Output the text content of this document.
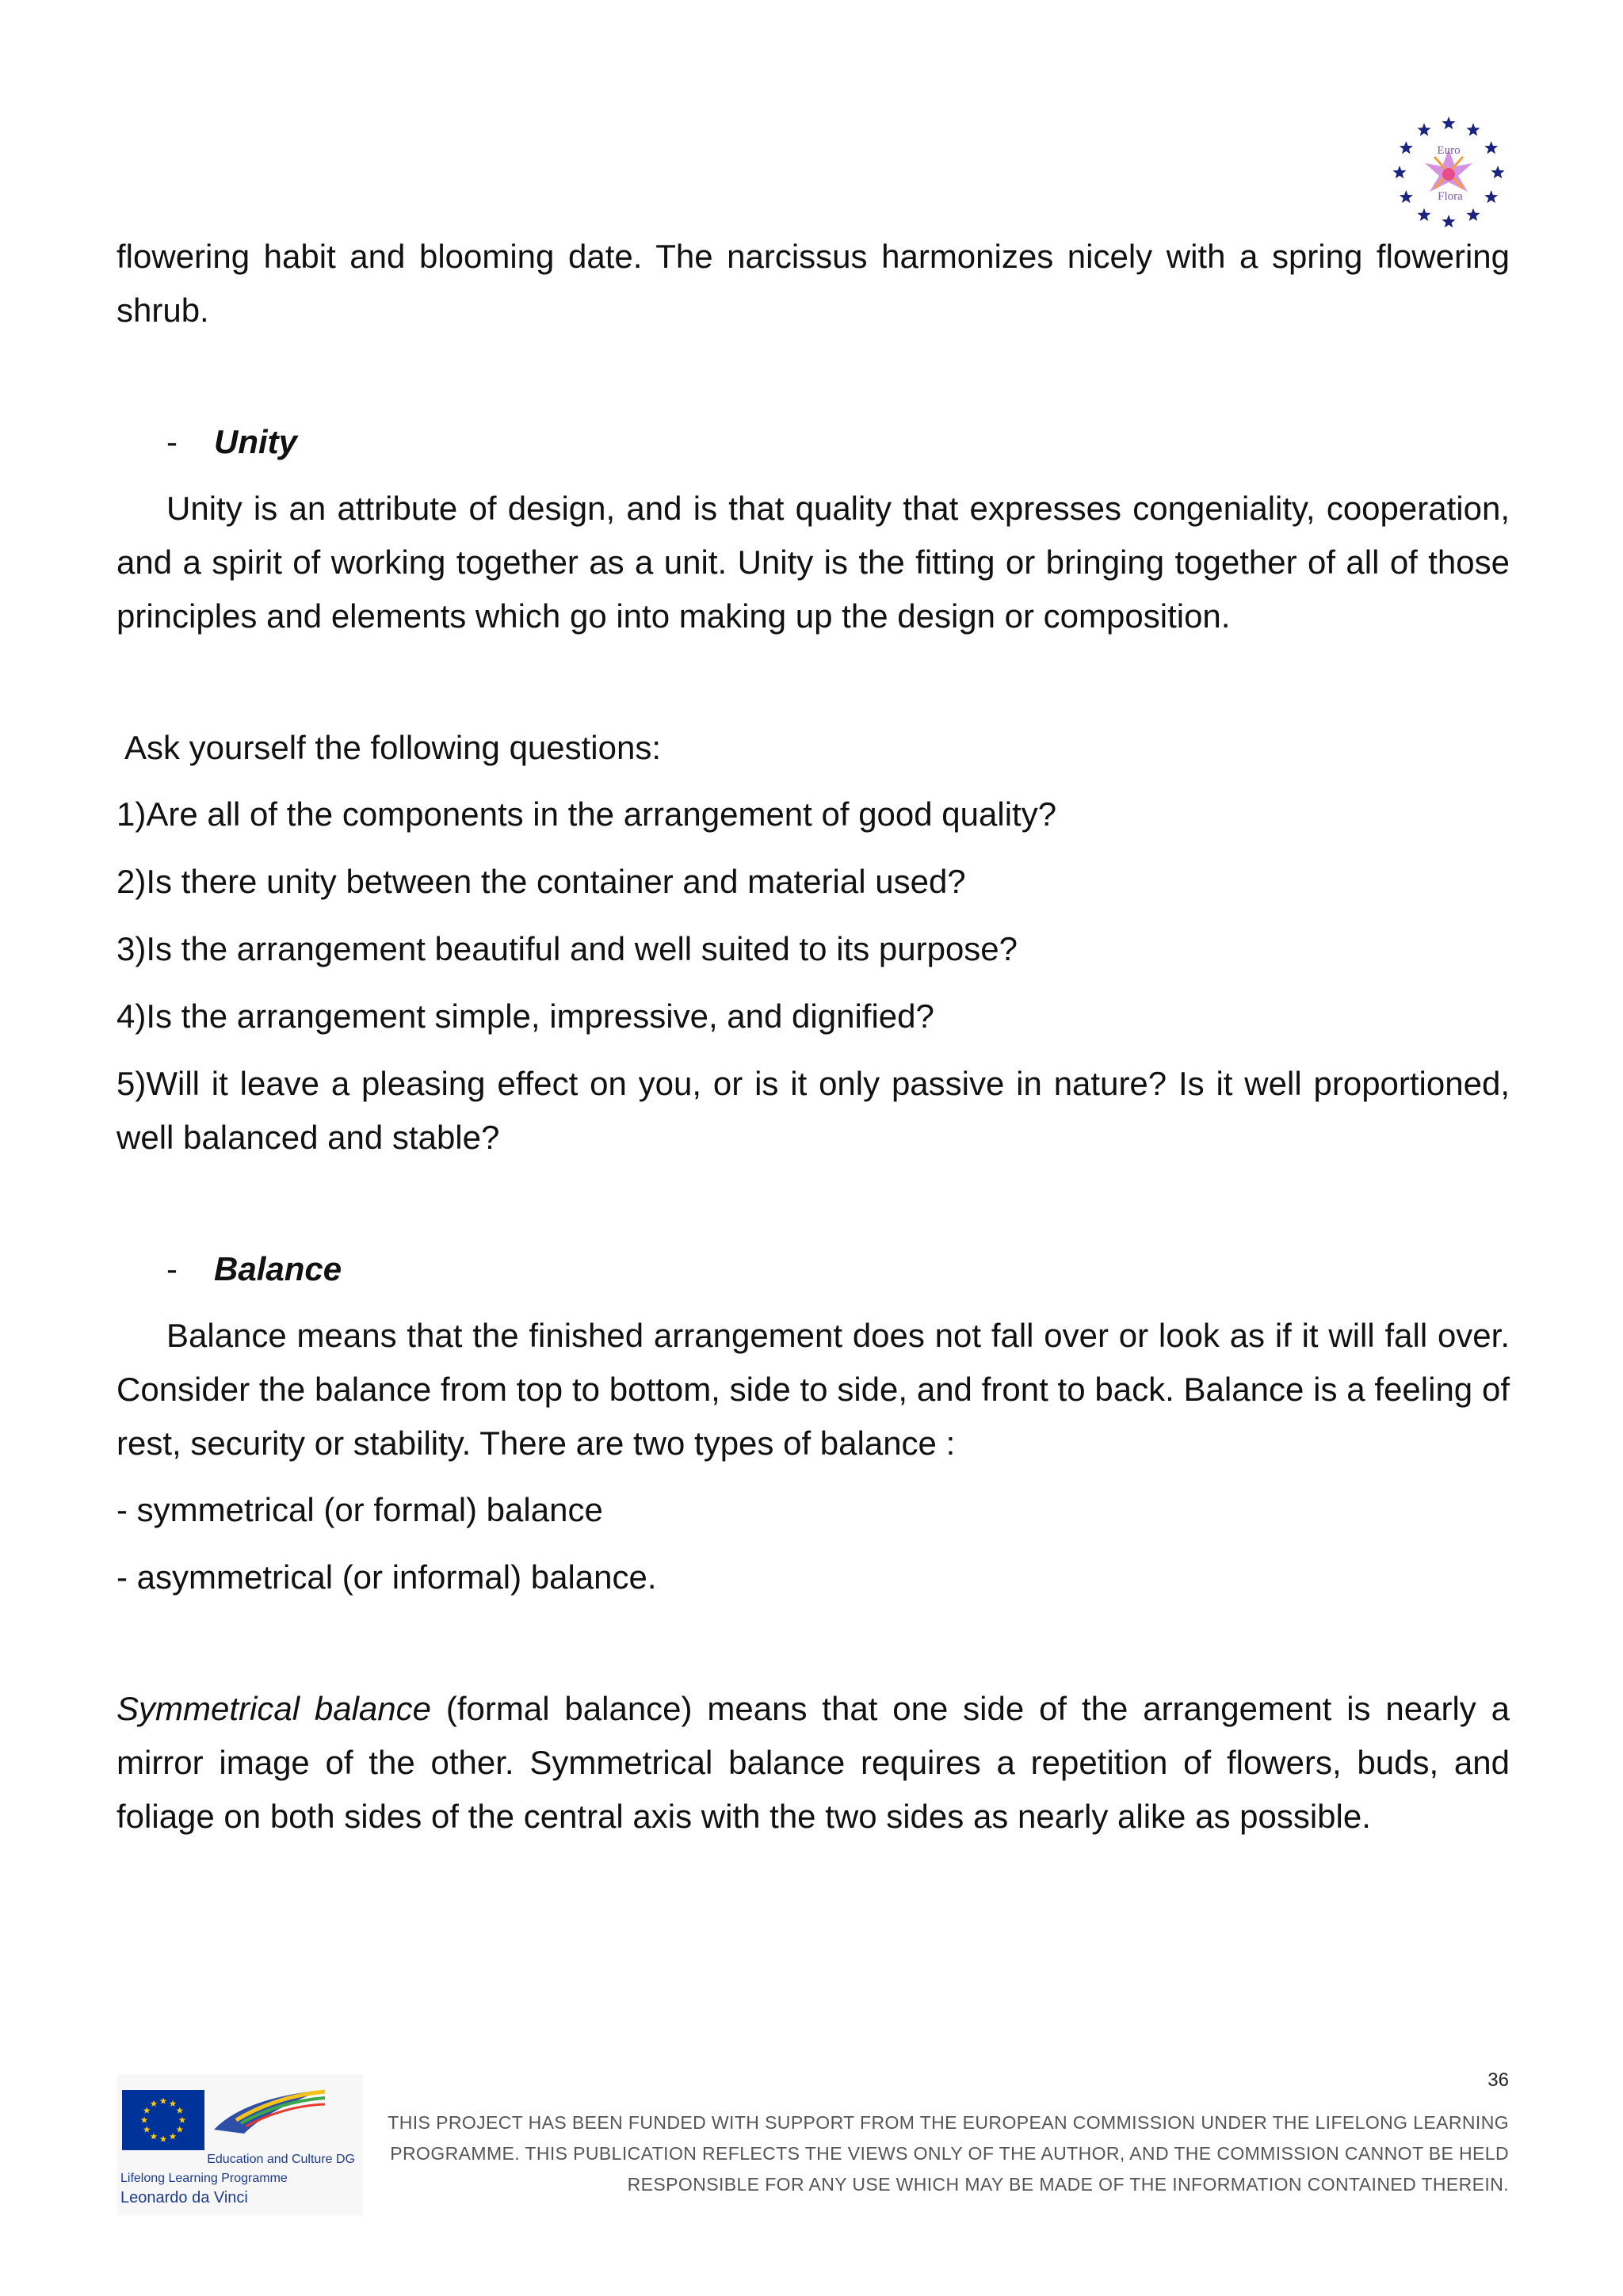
Euro
Flora

flowering habit and blooming date. The narcissus harmonizes nicely with a spring flowering shrub.

- Unity

Unity is an attribute of design, and is that quality that expresses congeniality, cooperation, and a spirit of working together as a unit. Unity is the fitting or bringing together of all of those principles and elements which go into making up the design or composition.

Ask yourself the following questions:

1)Are all of the components in the arrangement of good quality?

2)Is there unity between the container and material used?

3)Is the arrangement beautiful and well suited to its purpose?

4)Is the arrangement simple, impressive, and dignified?

5)Will it leave a pleasing effect on you, or is it only passive in nature? Is it well proportioned, well balanced and stable?

- Balance

Balance means that the finished arrangement does not fall over or look as if it will fall over. Consider the balance from top to bottom, side to side, and front to back. Balance is a feeling of rest, security or stability. There are two types of balance :

- symmetrical (or formal) balance

- asymmetrical (or informal) balance.

Symmetrical balance (formal balance) means that one side of the arrangement is nearly a mirror image of the other. Symmetrical balance requires a repetition of flowers, buds, and foliage on both sides of the central axis with the two sides as nearly alike as possible.

36
Education and Culture DG
Lifelong Learning Programme
Leonardo da Vinci
THIS PROJECT HAS BEEN FUNDED WITH SUPPORT FROM THE EUROPEAN COMMISSION UNDER THE LIFELONG LEARNING
PROGRAMME. THIS PUBLICATION REFLECTS THE VIEWS ONLY OF THE AUTHOR, AND THE COMMISSION CANNOT BE HELD
RESPONSIBLE FOR ANY USE WHICH MAY BE MADE OF THE INFORMATION CONTAINED THEREIN.
